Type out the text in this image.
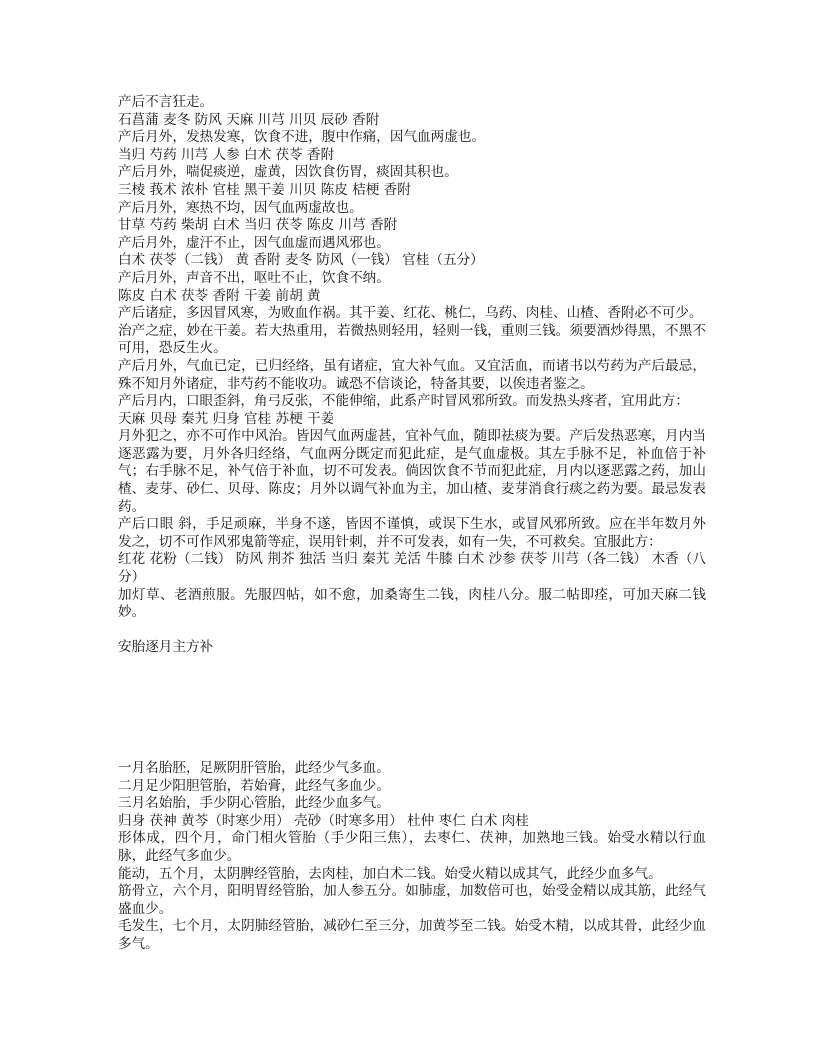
产后不言狂走。

石菖蒲 麦冬 防风 天麻 川芎 川贝 辰砂 香附

产后月外，发热发寒，饮食不进，腹中作痛，因气血两虚也。

当归 芍药 川芎 人参 白术 茯苓 香附

产后月外，喘促痰逆，虚黄，因饮食伤胃，痰固其积也。

三棱 莪术 浓朴 官桂 黑干姜 川贝 陈皮 桔梗 香附

产后月外，寒热不均，因气血两虚故也。

甘草 芍药 柴胡 白术 当归 茯苓 陈皮 川芎 香附

产后月外，虚汗不止，因气血虚而遇风邪也。

白术 茯苓（二钱） 黄 香附 麦冬 防风（一钱） 官桂（五分）

产后月外，声音不出，呕吐不止，饮食不纳。

陈皮 白术 茯苓 香附 干姜 前胡 黄

产后诸症，多因冒风寒，为败血作祸。其干姜、红花、桃仁，乌药、肉桂、山楂、香附必不可少。

治产之症，妙在干姜。若大热重用，若微热则轻用，轻则一钱，重则三钱。须要酒炒得黑，不黑不可用，恐反生火。

产后月外，气血已定，已归经络，虽有诸症，宜大补气血。又宜活血，而诸书以芍药为产后最忌，殊不知月外诸症，非芍药不能收功。诚恐不信谈论，特备其要，以俟违者鉴之。

产后月内，口眼歪斜，角弓反张，不能伸缩，此系产时冒风邪所致。而发热头疼者，宜用此方：

天麻 贝母 秦艽 归身 官桂 苏梗 干姜

月外犯之，亦不可作中风治。皆因气血两虚甚，宜补气血，随即祛痰为要。产后发热恶寒，月内当逐恶露为要，月外各归经络，气血两分既定而犯此症，是气血虚极。其左手脉不足，补血倍于补气；右手脉不足，补气倍于补血，切不可发表。倘因饮食不节而犯此症，月内以逐恶露之药，加山楂、麦芽、砂仁、贝母、陈皮；月外以调气补血为主，加山楂、麦芽消食行痰之药为要。最忌发表药。

产后口眼 斜，手足顽麻，半身不遂，皆因不谨慎，或误下生水，或冒风邪所致。应在半年数月外发之，切不可作风邪鬼箭等症，误用针刺，并不可发表，如有一失，不可救矣。宜服此方：

红花 花粉（二钱） 防风 荆芥 独活 当归 秦艽 羌活 牛膝 白术 沙参 茯苓 川芎（各二钱） 木香（八分）

加灯草、老酒煎服。先服四帖，如不愈，加桑寄生二钱，肉桂八分。服二帖即痊，可加天麻二钱妙。

安胎逐月主方补

一月名胎胚，足厥阴肝管胎，此经少气多血。

二月足少阳胆管胎，若始膏，此经气多血少。

三月名始胎，手少阴心管胎，此经少血多气。

归身 茯神 黄芩（时寒少用） 壳砂（时寒多用） 杜仲 枣仁 白术 肉桂

形体成，四个月，命门相火管胎（手少阳三焦），去枣仁、茯神，加熟地三钱。始受水精以行血脉，此经气多血少。

能动，五个月，太阴脾经管胎，去肉桂，加白术二钱。始受火精以成其气，此经少血多气。

筋骨立，六个月，阳明胃经管胎，加人参五分。如肺虚，加数倍可也，始受金精以成其筋，此经气盛血少。

毛发生，七个月，太阴肺经管胎，减砂仁至三分，加黄芩至二钱。始受木精，以成其骨，此经少血多气。
